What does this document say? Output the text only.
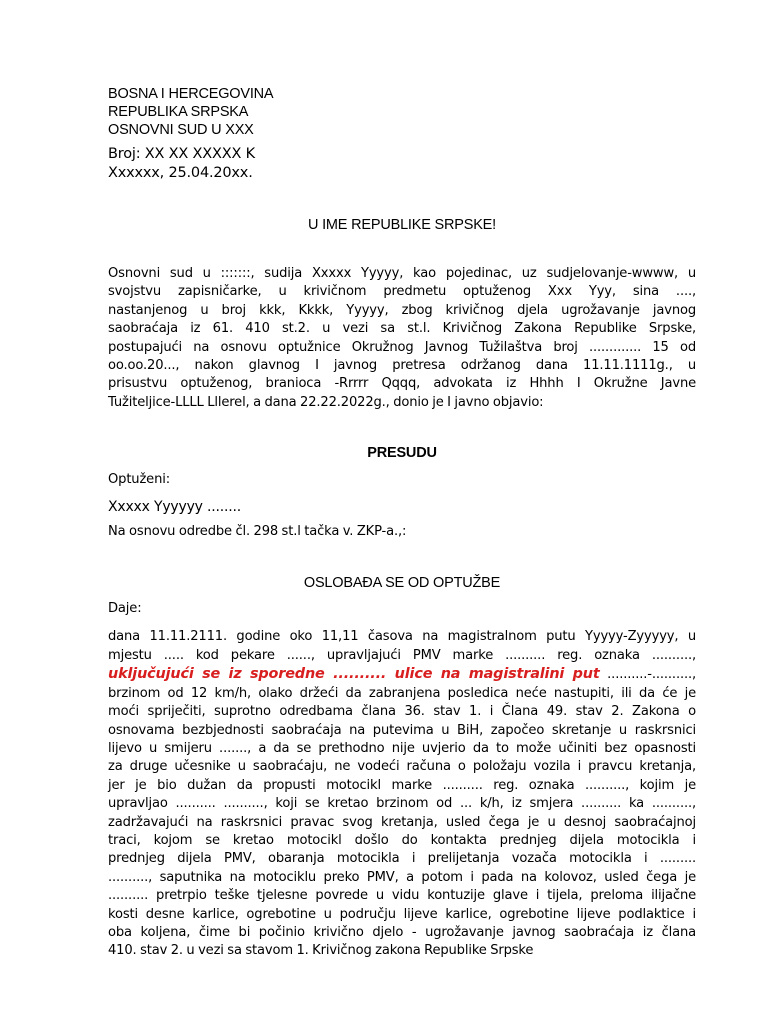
BOSNA I HERCEGOVINA
REPUBLIKA SRPSKA
OSNOVNI SUD U XXX
Broj: XX XX XXXXX K
Xxxxxx, 25.04.20xx.
U IME REPUBLIKE SRPSKE!
Osnovni sud u :::::::, sudija Xxxxx Yyyyy, kao pojedinac, uz sudjelovanje-wwww, u
svojstvu zapisničarke, u krivičnom predmetu optuženog Xxx Yyy, sina ....,
nastanjenog u broj kkk, Kkkk, Yyyyy, zbog krivičnog djela ugrožavanje javnog
saobraćaja iz 61. 410 st.2. u vezi sa st.l. Krivičnog Zakona Republike Srpske,
postupajući na osnovu optužnice Okružnog Javnog Tužilaštva broj ............. 15 od
oo.oo.20..., nakon glavnog I javnog pretresa održanog dana 11.11.1111g., u
prisustvu optuženog, branioca -Rrrrr Qqqq, advokata iz Hhhh I Okružne Javne
Tužiteljice-LLLL Lllerel, a dana 22.22.2022g., donio je I javno objavio:
PRESUDU
Optuženi:
Xxxxx Yyyyyy ........
Na osnovu odredbe čl. 298 st.l tačka v. ZKP-a.,:
OSLOBAĐA SE OD OPTUŽBE
Daje:
dana 11.11.2111. godine oko 11,11 časova na magistralnom putu Yyyyy-Zyyyyy, u
mjestu ..... kod pekare ......, upravljajući PMV marke .......... reg. oznaka ..........,
uključujući se iz sporedne .......... ulice na magistralini put ..........-..........,
brzinom od 12 km/h, olako držeći da zabranjena posledica neće nastupiti, ili da će je
moći spriječiti, suprotno odredbama člana 36. stav 1. i Člana 49. stav 2. Zakona o
osnovama bezbjednosti saobraćaja na putevima u BiH, započeo skretanje u raskrsnici
lijevo u smijeru ......., a da se prethodno nije uvjerio da to može učiniti bez opasnosti
za druge učesnike u saobraćaju, ne vodeći računa o položaju vozila i pravcu kretanja,
jer je bio dužan da propusti motocikl marke .......... reg. oznaka .........., kojim je
upravljao .......... .........., koji se kretao brzinom od ... k/h, iz smjera .......... ka ..........,
zadržavajući na raskrsnici pravac svog kretanja, usled čega je u desnoj saobraćajnoj
traci, kojom se kretao motocikl došlo do kontakta prednjeg dijela motocikla i
prednjeg dijela PMV, obaranja motocikla i prelijetanja vozača motocikla i .........
.........., saputnika na motociklu preko PMV, a potom i pada na kolovoz, usled čega je
.......... pretrpio teške tjelesne povrede u vidu kontuzije glave i tijela, preloma ilijačne
kosti desne karlice, ogrebotine u području lijeve karlice, ogrebotine lijeve podlaktice i
oba koljena, čime bi počinio krivično djelo - ugrožavanje javnog saobraćaja iz člana
410. stav 2. u vezi sa stavom 1. Krivičnog zakona Republike Srpske
